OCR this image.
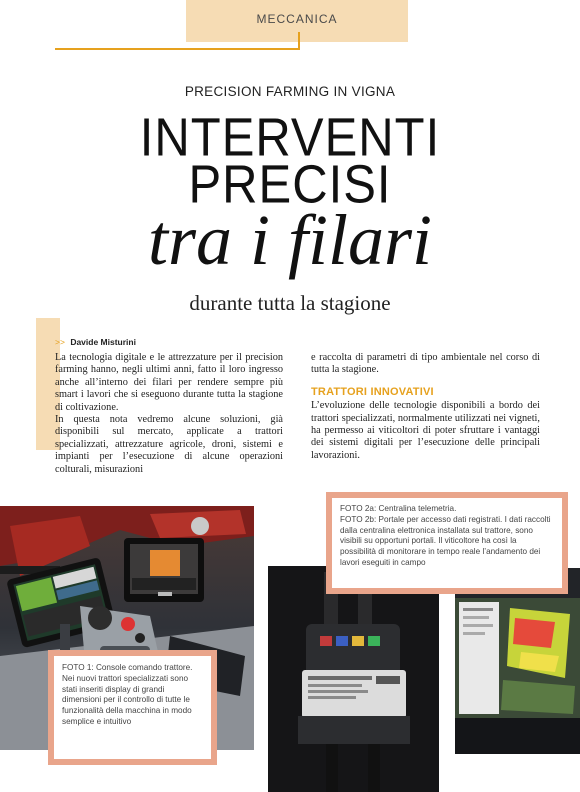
MECCANICA
PRECISION FARMING IN VIGNA
INTERVENTI
PRECISI
tra i filari
durante tutta la stagione
>> Davide Misturini

La tecnologia digitale e le attrezzature per il precision farming hanno, negli ultimi anni, fatto il loro ingresso anche all’interno dei filari per rendere sempre più smart i lavori che si eseguono durante tutta la stagione di coltivazione.

In questa nota vedremo alcune soluzioni, già disponibili sul mercato, applicate a trattori specializzati, attrezzature agricole, droni, sistemi e impianti per l’esecuzione di alcune operazioni colturali, misurazioni

e raccolta di parametri di tipo ambientale nel corso di tutta la stagione.

TRATTORI INNOVATIVI

L’evoluzione delle tecnologie disponibili a bordo dei trattori specializzati, normalmente utilizzati nei vigneti, ha permesso ai viticoltori di poter sfruttare i vantaggi dei sistemi digitali per l’esecuzione delle principali lavorazioni.

FOTO 1: Console comando trattore. Nei nuovi trattori specializzati sono stati inseriti display di grandi dimensioni per il controllo di tutte le funzionalità della macchina in modo semplice e intuitivo

FOTO 2a: Centralina telemetria.

FOTO 2b: Portale per accesso dati registrati. I dati raccolti dalla centralina elettronica installata sul trattore, sono visibili su opportuni portali. Il viticoltore ha così la possibilità di monitorare in tempo reale l’andamento dei lavori eseguiti in campo
